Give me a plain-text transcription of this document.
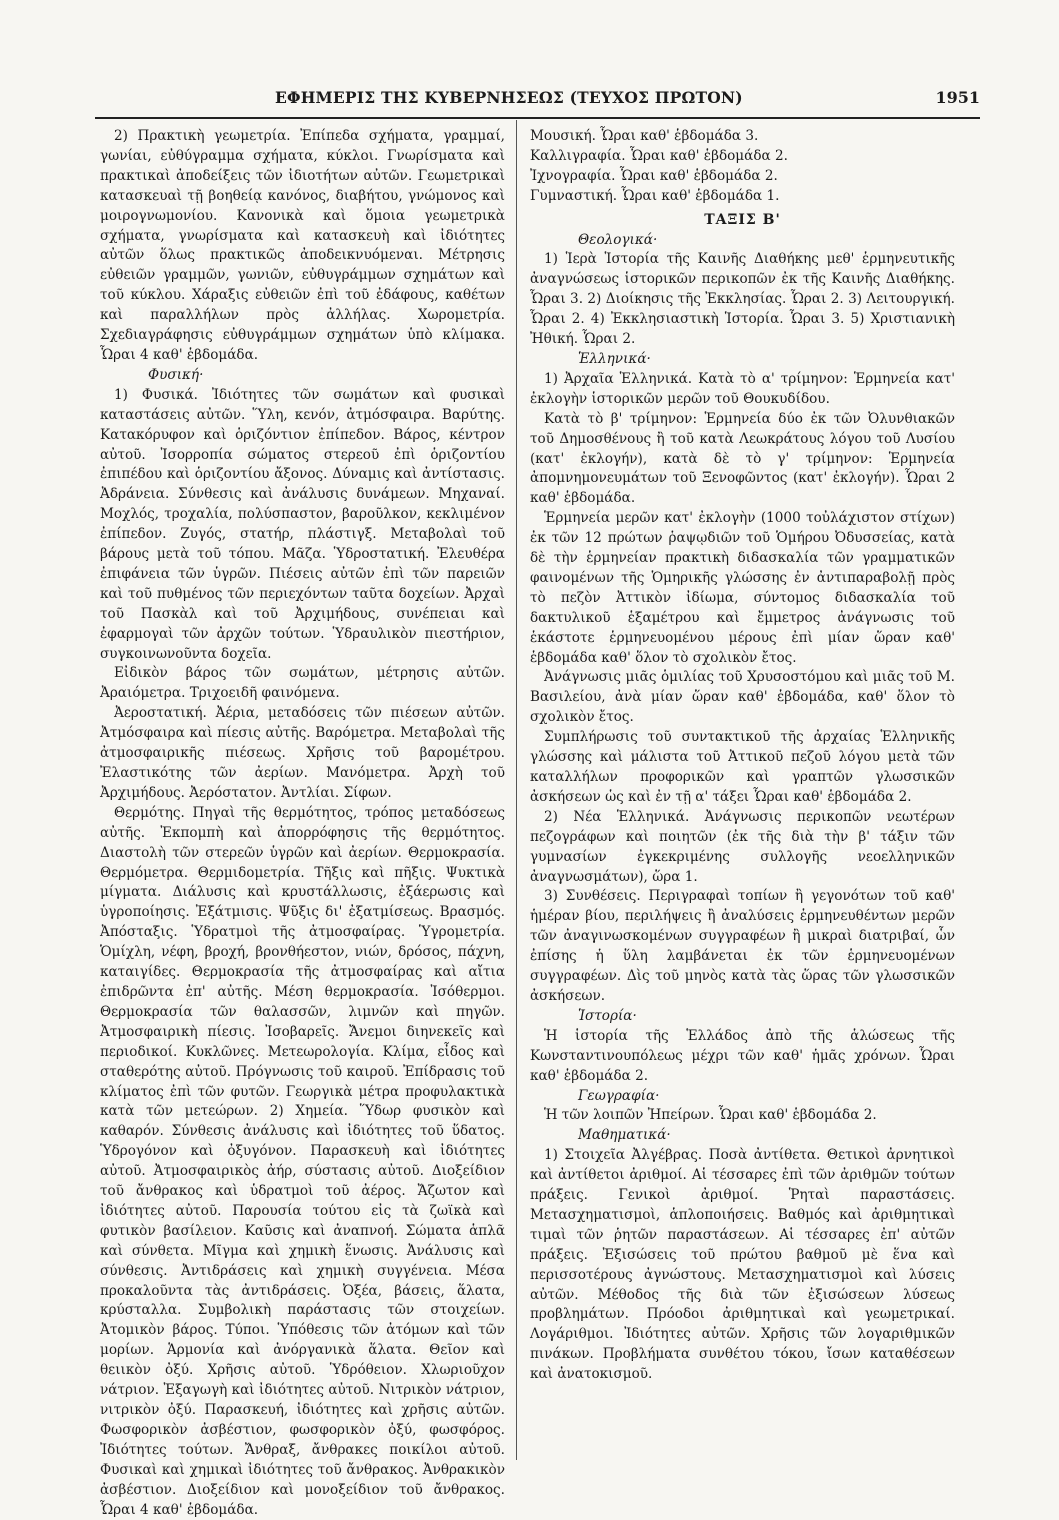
ΕΦΗΜΕΡΙΣ ΤΗΣ ΚΥΒΕΡΝΗΣΕΩΣ (ΤΕΥΧΟΣ ΠΡΩΤΟΝ)	1951

2) Πρακτικὴ γεωμετρία. Ἐπίπεδα σχήματα, γραμμαί, γωνίαι, εὐθύγραμμα σχήματα, κύκλοι. Γνωρίσματα καὶ πρακτικαὶ ἀποδείξεις τῶν ἰδιοτήτων αὐτῶν. Γεωμετρικαὶ κατασκευαὶ τῇ βοηθείᾳ κανόνος, διαβήτου, γνώμονος καὶ μοιρογνωμονίου. Κανονικὰ καὶ ὅμοια γεωμετρικὰ σχήματα, γνωρίσματα καὶ κατασκευὴ καὶ ἰδιότητες αὐτῶν ὅλως πρακτικῶς ἀποδεικνυόμεναι. Μέτρησις εὐθειῶν γραμμῶν, γωνιῶν, εὐθυγράμμων σχημάτων καὶ τοῦ κύκλου. Χάραξις εὐθειῶν ἐπὶ τοῦ ἐδάφους, καθέτων καὶ παραλλήλων πρὸς ἀλλήλας. Χωρομετρία. Σχεδιαγράφησις εὐθυγράμμων σχημάτων ὑπὸ κλίμακα. Ὧραι 4 καθ' ἑβδομάδα.

Φυσική·

1) Φυσικά. Ἰδιότητες τῶν σωμάτων καὶ φυσικαὶ καταστάσεις αὐτῶν. Ὕλη, κενόν, ἀτμόσφαιρα. Βαρύτης. Κατακόρυφον καὶ ὁριζόντιον ἐπίπεδον. Βάρος, κέντρον αὐτοῦ. Ἰσορροπία σώματος στερεοῦ ἐπὶ ὁριζοντίου ἐπιπέδου καὶ ὁριζοντίου ἄξονος. Δύναμις καὶ ἀντίστασις. Ἀδράνεια. Σύνθεσις καὶ ἀνάλυσις δυνάμεων. Μηχαναί. Μοχλός, τροχαλία, πολύσπαστον, βαροῦλκον, κεκλιμένον ἐπίπεδον. Ζυγός, στατήρ, πλάστιγξ. Μεταβολαὶ τοῦ βάρους μετὰ τοῦ τόπου. Μᾶζα. Ὑδροστατική. Ἐλευθέρα ἐπιφάνεια τῶν ὑγρῶν. Πιέσεις αὐτῶν ἐπὶ τῶν παρειῶν καὶ τοῦ πυθμένος τῶν περιεχόντων ταῦτα δοχείων. Ἀρχαὶ τοῦ Πασκὰλ καὶ τοῦ Ἀρχιμήδους, συνέπειαι καὶ ἐφαρμογαὶ τῶν ἀρχῶν τούτων. Ὑδραυλικὸν πιεστήριον, συγκοινωνοῦντα δοχεῖα.

Εἰδικὸν βάρος τῶν σωμάτων, μέτρησις αὐτῶν. Ἀραιόμετρα. Τριχοειδῆ φαινόμενα.

Ἀεροστατική. Ἀέρια, μεταδόσεις τῶν πιέσεων αὐτῶν. Ἀτμόσφαιρα καὶ πίεσις αὐτῆς. Βαρόμετρα. Μεταβολαὶ τῆς ἀτμοσφαιρικῆς πιέσεως. Χρῆσις τοῦ βαρομέτρου. Ἐλαστικότης τῶν ἀερίων. Μανόμετρα. Ἀρχὴ τοῦ Ἀρχιμήδους. Ἀερόστατον. Ἀντλίαι. Σίφων.

Θερμότης. Πηγαὶ τῆς θερμότητος, τρόπος μεταδόσεως αὐτῆς. Ἐκπομπὴ καὶ ἀπορρόφησις τῆς θερμότητος. Διαστολὴ τῶν στερεῶν ὑγρῶν καὶ ἀερίων. Θερμοκρασία. Θερμόμετρα. Θερμιδομετρία. Τῆξις καὶ πῆξις. Ψυκτικὰ μίγματα. Διάλυσις καὶ κρυστάλλωσις, ἐξάερωσις καὶ ὑγροποίησις. Ἐξάτμισις. Ψῦξις δι' ἐξατμίσεως. Βρασμός. Ἀπόσταξις. Ὑδρατμοὶ τῆς ἀτμοσφαίρας. Ὑγρομετρία. Ὁμίχλη, νέφη, βροχή, βρονθήεστον, νιών, δρόσος, πάχνη, καταιγίδες. Θερμοκρασία τῆς ἀτμοσφαίρας καὶ αἴτια ἐπιδρῶντα ἐπ' αὐτῆς. Μέση θερμοκρασία. Ἰσόθερμοι. Θερμοκρασία τῶν θαλασσῶν, λιμνῶν καὶ πηγῶν. Ἀτμοσφαιρικὴ πίεσις. Ἰσοβαρεῖς. Ἄνεμοι διηνεκεῖς καὶ περιοδικοί. Κυκλῶνες. Μετεωρολογία. Κλίμα, εἶδος καὶ σταθερότης αὐτοῦ. Πρόγνωσις τοῦ καιροῦ. Ἐπίδρασις τοῦ κλίματος ἐπὶ τῶν φυτῶν. Γεωργικὰ μέτρα προφυλακτικὰ κατὰ τῶν μετεώρων. 2) Χημεία. Ὕδωρ φυσικὸν καὶ καθαρόν. Σύνθεσις ἀνάλυσις καὶ ἰδιότητες τοῦ ὕδατος. Ὑδρογόνον καὶ ὀξυγόνον. Παρασκευὴ καὶ ἰδιότητες αὐτοῦ. Ἀτμοσφαιρικὸς ἀήρ, σύστασις αὐτοῦ. Διοξείδιον τοῦ ἄνθρακος καὶ ὑδρατμοὶ τοῦ ἀέρος. Ἄζωτον καὶ ἰδιότητες αὐτοῦ. Παρουσία τούτου εἰς τὰ ζωϊκὰ καὶ φυτικὸν βασίλειον. Καῦσις καὶ ἀναπνοή. Σώματα ἁπλᾶ καὶ σύνθετα. Μῖγμα καὶ χημικὴ ἕνωσις. Ἀνάλυσις καὶ σύνθεσις. Ἀντιδράσεις καὶ χημικὴ συγγένεια. Μέσα προκαλοῦντα τὰς ἀντιδράσεις. Ὀξέα, βάσεις, ἅλατα, κρύσταλλα. Συμβολικὴ παράστασις τῶν στοιχείων. Ἀτομικὸν βάρος. Τύποι. Ὑπόθεσις τῶν ἀτόμων καὶ τῶν μορίων. Ἁρμονία καὶ ἀνόργανικὰ ἅλατα. Θεῖον καὶ θειικὸν ὀξύ. Χρῆσις αὐτοῦ. Ὑδρόθειον. Χλωριοῦχον νάτριον. Ἐξαγωγὴ καὶ ἰδιότητες αὐτοῦ. Νιτρικὸν νάτριον, νιτρικὸν ὀξύ. Παρασκευή, ἰδιότητες καὶ χρῆσις αὐτῶν. Φωσφορικὸν ἀσβέστιον, φωσφορικὸν ὀξύ, φωσφόρος. Ἰδιότητες τούτων. Ἄνθραξ, ἄνθρακες ποικίλοι αὐτοῦ. Φυσικαὶ καὶ χημικαὶ ἰδιότητες τοῦ ἄνθρακος. Ἀνθρακικὸν ἀσβέστιον. Διοξείδιον καὶ μονοξείδιον τοῦ ἄνθρακος. Ὧραι 4 καθ' ἑβδομάδα.

Μουσική. Ὧραι καθ' ἑβδομάδα 3.

Καλλιγραφία. Ὧραι καθ' ἑβδομάδα 2.

Ἰχνογραφία. Ὧραι καθ' ἑβδομάδα 2.

Γυμναστική. Ὧραι καθ' ἑβδομάδα 1.

ΤΑΞΙΣ Β'

Θεολογικά·

1) Ἱερὰ Ἱστορία τῆς Καινῆς Διαθήκης μεθ' ἑρμηνευτικῆς ἀναγνώσεως ἱστορικῶν περικοπῶν ἐκ τῆς Καινῆς Διαθήκης. Ὧραι 3. 2) Διοίκησις τῆς Ἐκκλησίας. Ὧραι 2. 3) Λειτουργική. Ὧραι 2. 4) Ἐκκλησιαστικὴ Ἱστορία. Ὧραι 3. 5) Χριστιανικὴ Ἠθική. Ὧραι 2.

Ἑλληνικά·

1) Ἀρχαῖα Ἑλληνικά. Κατὰ τὸ α' τρίμηνον: Ἑρμηνεία κατ' ἐκλογὴν ἱστορικῶν μερῶν τοῦ Θουκυδίδου.

Κατὰ τὸ β' τρίμηνον: Ἑρμηνεία δύο ἐκ τῶν Ὀλυνθιακῶν τοῦ Δημοσθένους ἢ τοῦ κατὰ Λεωκράτους λόγου τοῦ Λυσίου (κατ' ἐκλογήν), κατὰ δὲ τὸ γ' τρίμηνον: Ἑρμηνεία ἀπομνημονευμάτων τοῦ Ξενοφῶντος (κατ' ἐκλογήν). Ὧραι 2 καθ' ἑβδομάδα.

Ἑρμηνεία μερῶν κατ' ἐκλογὴν (1000 τοὐλάχιστον στίχων) ἐκ τῶν 12 πρώτων ῥαψῳδιῶν τοῦ Ὁμήρου Ὀδυσσείας, κατὰ δὲ τὴν ἑρμηνείαν πρακτικὴ διδασκαλία τῶν γραμματικῶν φαινομένων τῆς Ὁμηρικῆς γλώσσης ἐν ἀντιπαραβολῇ πρὸς τὸ πεζὸν Ἀττικὸν ἰδίωμα, σύντομος διδασκαλία τοῦ δακτυλικοῦ ἑξαμέτρου καὶ ἔμμετρος ἀνάγνωσις τοῦ ἑκάστοτε ἑρμηνευομένου μέρους ἐπὶ μίαν ὥραν καθ' ἑβδομάδα καθ' ὅλον τὸ σχολικὸν ἔτος.

Ἀνάγνωσις μιᾶς ὁμιλίας τοῦ Χρυσοστόμου καὶ μιᾶς τοῦ Μ. Βασιλείου, ἀνὰ μίαν ὥραν καθ' ἑβδομάδα, καθ' ὅλον τὸ σχολικὸν ἔτος.

Συμπλήρωσις τοῦ συντακτικοῦ τῆς ἀρχαίας Ἑλληνικῆς γλώσσης καὶ μάλιστα τοῦ Ἀττικοῦ πεζοῦ λόγου μετὰ τῶν καταλλήλων προφορικῶν καὶ γραπτῶν γλωσσικῶν ἀσκήσεων ὡς καὶ ἐν τῇ α' τάξει Ὧραι καθ' ἑβδομάδα 2.

2) Νέα Ἑλληνικά. Ἀνάγνωσις περικοπῶν νεωτέρων πεζογράφων καὶ ποιητῶν (ἐκ τῆς διὰ τὴν β' τάξιν τῶν γυμνασίων ἐγκεκριμένης συλλογῆς νεοελληνικῶν ἀναγνωσμάτων), ὥρα 1.

3) Συνθέσεις. Περιγραφαὶ τοπίων ἢ γεγονότων τοῦ καθ' ἡμέραν βίου, περιλήψεις ἢ ἀναλύσεις ἑρμηνευθέντων μερῶν τῶν ἀναγινωσκομένων συγγραφέων ἢ μικραὶ διατριβαί, ὧν ἐπίσης ἡ ὕλη λαμβάνεται ἐκ τῶν ἑρμηνευομένων συγγραφέων. Δὶς τοῦ μηνὸς κατὰ τὰς ὥρας τῶν γλωσσικῶν ἀσκήσεων.

Ἱστορία·

Ἡ ἱστορία τῆς Ἑλλάδος ἀπὸ τῆς ἁλώσεως τῆς Κωνσταντινουπόλεως μέχρι τῶν καθ' ἡμᾶς χρόνων. Ὧραι καθ' ἑβδομάδα 2.

Γεωγραφία·

Ἡ τῶν λοιπῶν Ἠπείρων. Ὧραι καθ' ἑβδομάδα 2.

Μαθηματικά·

1) Στοιχεῖα Ἀλγέβρας. Ποσὰ ἀντίθετα. Θετικοὶ ἀρνητικοὶ καὶ ἀντίθετοι ἀριθμοί. Αἱ τέσσαρες ἐπὶ τῶν ἀριθμῶν τούτων πράξεις. Γενικοὶ ἀριθμοί. Ῥηταὶ παραστάσεις. Μετασχηματισμοὶ, ἁπλοποιήσεις. Βαθμός καὶ ἀριθμητικαὶ τιμαὶ τῶν ῥητῶν παραστάσεων. Αἱ τέσσαρες ἐπ' αὐτῶν πράξεις. Ἐξισώσεις τοῦ πρώτου βαθμοῦ μὲ ἕνα καὶ περισσοτέρους ἀγνώστους. Μετασχηματισμοὶ καὶ λύσεις αὐτῶν. Μέθοδος τῆς διὰ τῶν ἐξισώσεων λύσεως προβλημάτων. Πρόοδοι ἀριθμητικαὶ καὶ γεωμετρικαί. Λογάριθμοι. Ἰδιότητες αὐτῶν. Χρῆσις τῶν λογαριθμικῶν πινάκων. Προβλήματα συνθέτου τόκου, ἴσων καταθέσεων καὶ ἀνατοκισμοῦ.
